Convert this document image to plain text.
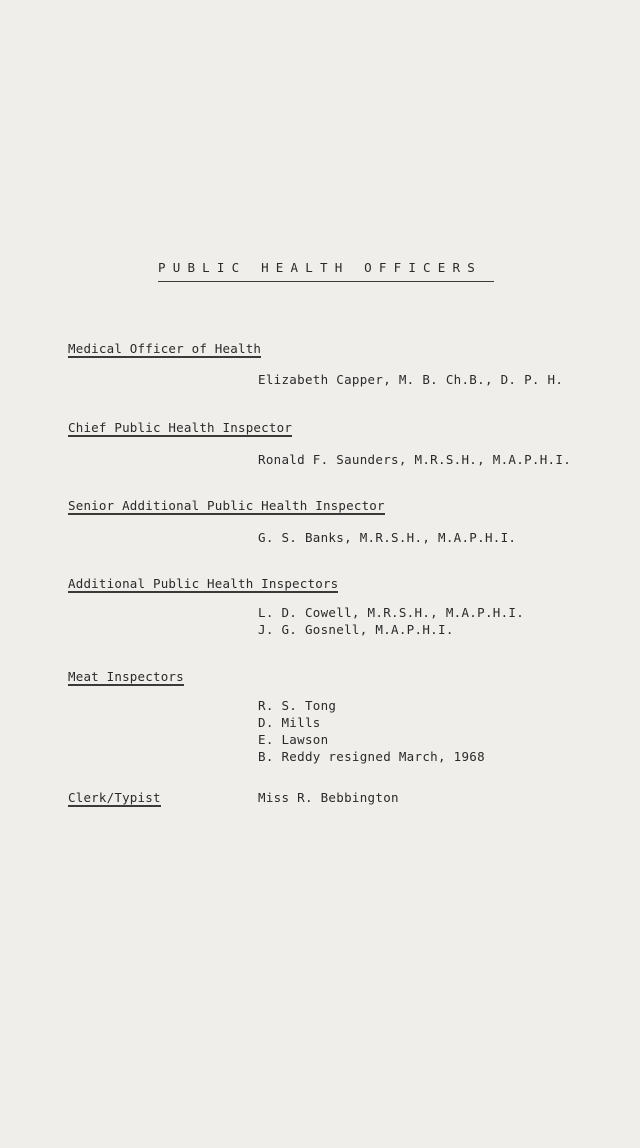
PUBLIC HEALTH OFFICERS
Medical Officer of Health
Elizabeth Capper, M. B. Ch.B., D. P. H.
Chief Public Health Inspector
Ronald F. Saunders, M.R.S.H., M.A.P.H.I.
Senior Additional Public Health Inspector
G. S. Banks, M.R.S.H., M.A.P.H.I.
Additional Public Health Inspectors
L. D. Cowell, M.R.S.H., M.A.P.H.I.
J. G. Gosnell, M.A.P.H.I.
Meat Inspectors
R. S. Tong
D. Mills
E. Lawson
B. Reddy resigned March, 1968
Clerk/Typist	Miss R. Bebbington
